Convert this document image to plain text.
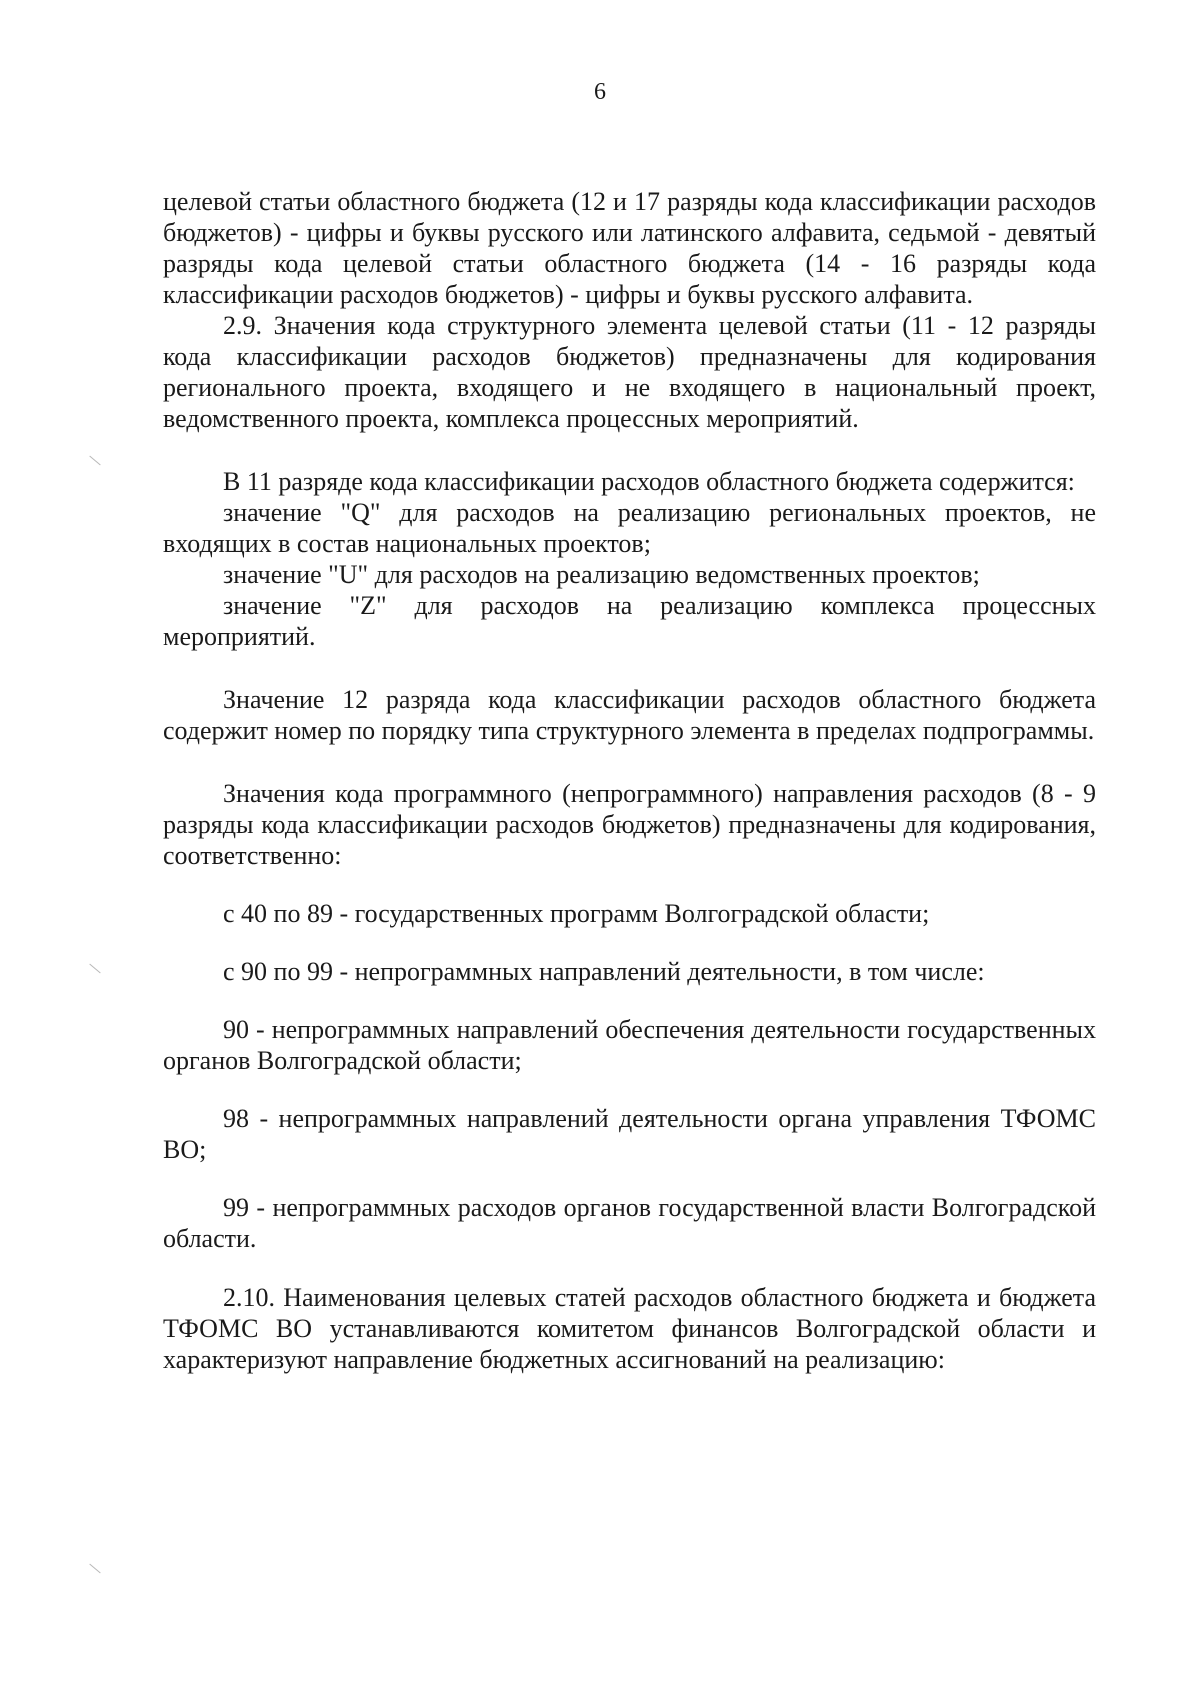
6

целевой статьи областного бюджета (12 и 17 разряды кода классификации расходов бюджетов) - цифры и буквы русского или латинского алфавита, седьмой - девятый разряды кода целевой статьи областного бюджета (14 - 16 разряды кода классификации расходов бюджетов) - цифры и буквы русского алфавита.

2.9. Значения кода структурного элемента целевой статьи (11 - 12 разряды кода классификации расходов бюджетов) предназначены для кодирования регионального проекта, входящего и не входящего в национальный проект, ведомственного проекта, комплекса процессных мероприятий.

В 11 разряде кода классификации расходов областного бюджета содержится:

значение "Q" для расходов на реализацию региональных проектов, не входящих в состав национальных проектов;

значение "U" для расходов на реализацию ведомственных проектов;

значение "Z" для расходов на реализацию комплекса процессных мероприятий.

Значение 12 разряда кода классификации расходов областного бюджета содержит номер по порядку типа структурного элемента в пределах подпрограммы.

Значения кода программного (непрограммного) направления расходов (8 - 9 разряды кода классификации расходов бюджетов) предназначены для кодирования, соответственно:

с 40 по 89 - государственных программ Волгоградской области;

с 90 по 99 - непрограммных направлений деятельности, в том числе:

90 - непрограммных направлений обеспечения деятельности государственных органов Волгоградской области;

98 - непрограммных направлений деятельности органа управления ТФОМС ВО;

99 - непрограммных расходов органов государственной власти Волгоградской области.

2.10. Наименования целевых статей расходов областного бюджета и бюджета ТФОМС ВО устанавливаются комитетом финансов Волгоградской области и характеризуют направление бюджетных ассигнований на реализацию:
